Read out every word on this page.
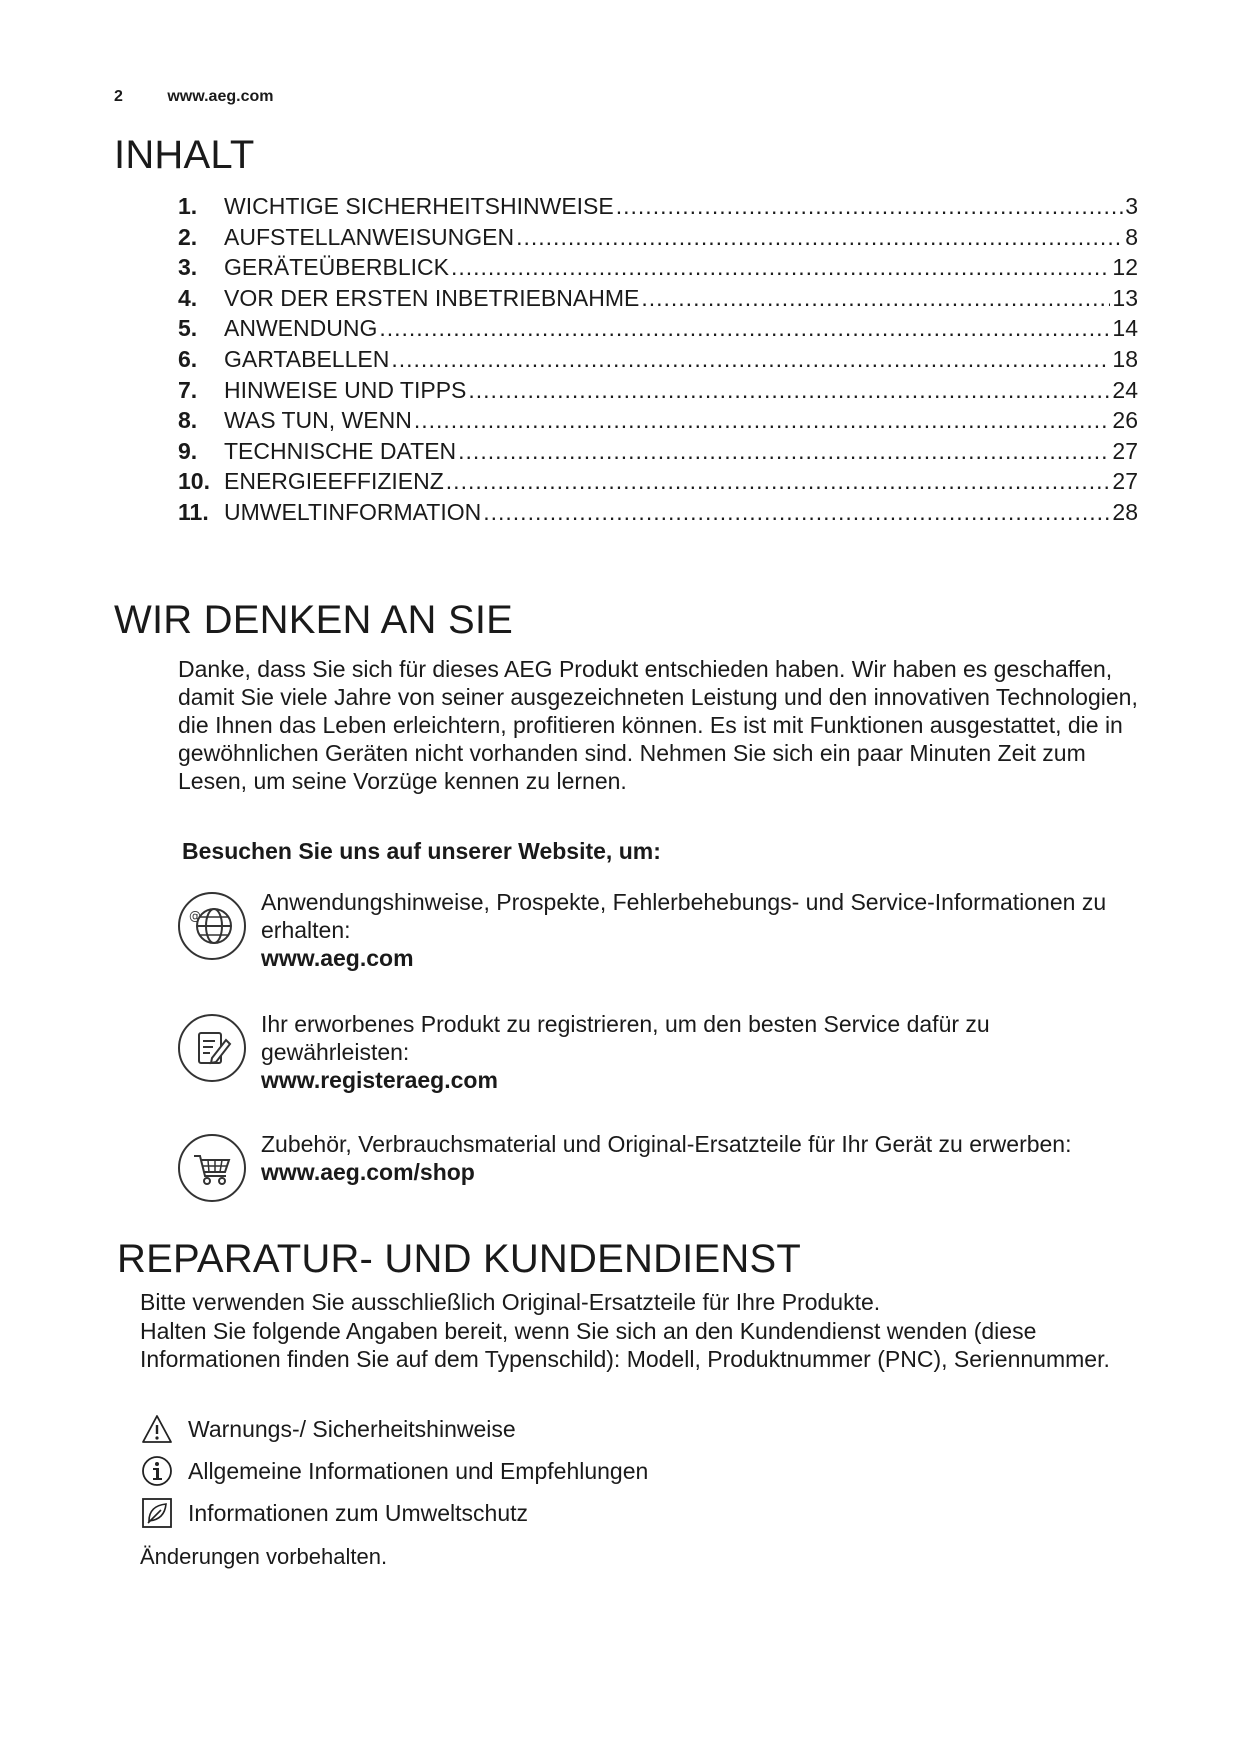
2	www.aeg.com
INHALT
1.	WICHTIGE SICHERHEITSHINWEISE .....	3
2.	AUFSTELLANWEISUNGEN .....	8
3.	GERÄTEÜBERBLICK .....	12
4.	VOR DER ERSTEN INBETRIEBNAHME .....	13
5.	ANWENDUNG .....	14
6.	GARTABELLEN .....	18
7.	HINWEISE UND TIPPS .....	24
8.	WAS TUN, WENN .....	26
9.	TECHNISCHE DATEN .....	27
10. ENERGIEEFFIZIENZ .....	27
11. UMWELTINFORMATION .....	28
WIR DENKEN AN SIE

Danke, dass Sie sich für dieses AEG Produkt entschieden haben. Wir haben es geschaffen, damit Sie viele Jahre von seiner ausgezeichneten Leistung und den innovativen Technologien, die Ihnen das Leben erleichtern, profitieren können. Es ist mit Funktionen ausgestattet, die in gewöhnlichen Geräten nicht vorhanden sind. Nehmen Sie sich ein paar Minuten Zeit zum Lesen, um seine Vorzüge kennen zu lernen.

Besuchen Sie uns auf unserer Website, um:
@
Anwendungshinweise, Prospekte, Fehlerbehebungs- und Service-Informationen zu erhalten:
www.aeg.com
Ihr erworbenes Produkt zu registrieren, um den besten Service dafür zu gewährleisten:
www.registeraeg.com
Zubehör, Verbrauchsmaterial und Original-Ersatzteile für Ihr Gerät zu erwerben:
www.aeg.com/shop
REPARATUR- UND KUNDENDIENST
Bitte verwenden Sie ausschließlich Original-Ersatzteile für Ihre Produkte.
Halten Sie folgende Angaben bereit, wenn Sie sich an den Kundendienst wenden (diese Informationen finden Sie auf dem Typenschild): Modell, Produktnummer (PNC), Seriennummer.
Warnungs-/ Sicherheitshinweise
Allgemeine Informationen und Empfehlungen
Informationen zum Umweltschutz
Änderungen vorbehalten.
